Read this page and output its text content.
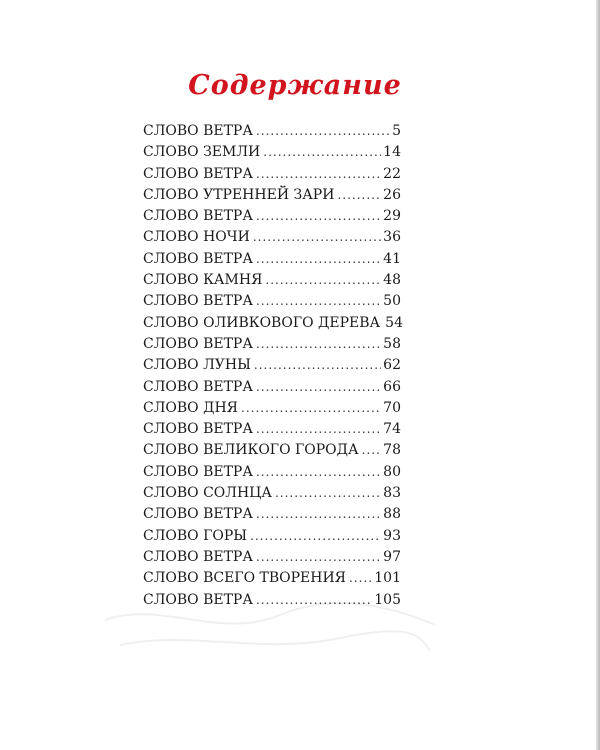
Содержание
СЛОВО ВЕТРА .....	5
СЛОВО ЗЕМЛИ .....	14
СЛОВО ВЕТРА .....	22
СЛОВО УТРЕННЕЙ ЗАРИ .....	26
СЛОВО ВЕТРА .....	29
СЛОВО НОЧИ .....	36
СЛОВО ВЕТРА .....	41
СЛОВО КАМНЯ .....	48
СЛОВО ВЕТРА .....	50
СЛОВО ОЛИВКОВОГО ДЕРЕВА 54
СЛОВО ВЕТРА .....	58
СЛОВО ЛУНЫ .....	62
СЛОВО ВЕТРА .....	66
СЛОВО ДНЯ .....	70
СЛОВО ВЕТРА .....	74
СЛОВО ВЕЛИКОГО ГОРОДА ..... 78
СЛОВО ВЕТРА .....	80
СЛОВО СОЛНЦА .....	83
СЛОВО ВЕТРА .....	88
СЛОВО ГОРЫ .....	93
СЛОВО ВЕТРА .....	97
СЛОВО ВСЕГО ТВОРЕНИЯ ..... 101
СЛОВО ВЕТРА .....	105
